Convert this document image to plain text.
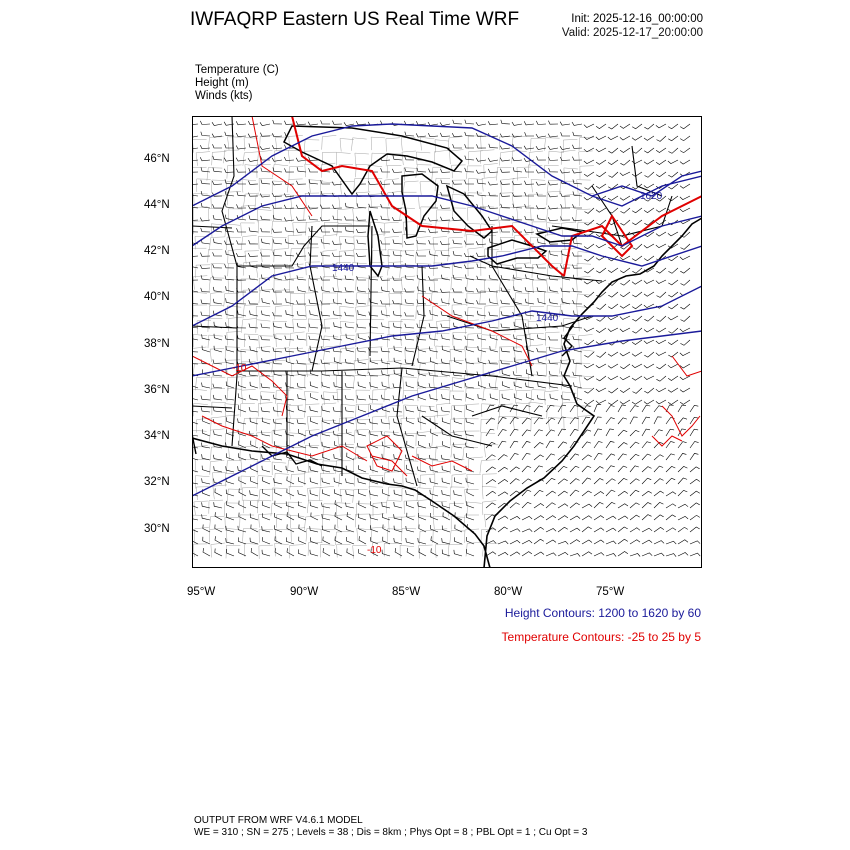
IWFAQRP Eastern US Real Time WRF	Init: 2025-12-16_00:00:00
Valid: 2025-12-17_20:00:00
Temperature (C)
Height (m)
Winds (kts)
46°N
44°N
42°N
40°N
38°N
36°N
34°N
32°N
30°N
95°W	90°W	85°W	80°W	75°W
1440
1440
1620
-10
-10
Height Contours: 1200 to 1620 by 60
Temperature Contours: -25 to 25 by 5
OUTPUT FROM WRF V4.6.1 MODEL
WE = 310 ; SN = 275 ; Levels = 38 ; Dis = 8km ; Phys Opt = 8 ; PBL Opt = 1 ; Cu Opt = 3
